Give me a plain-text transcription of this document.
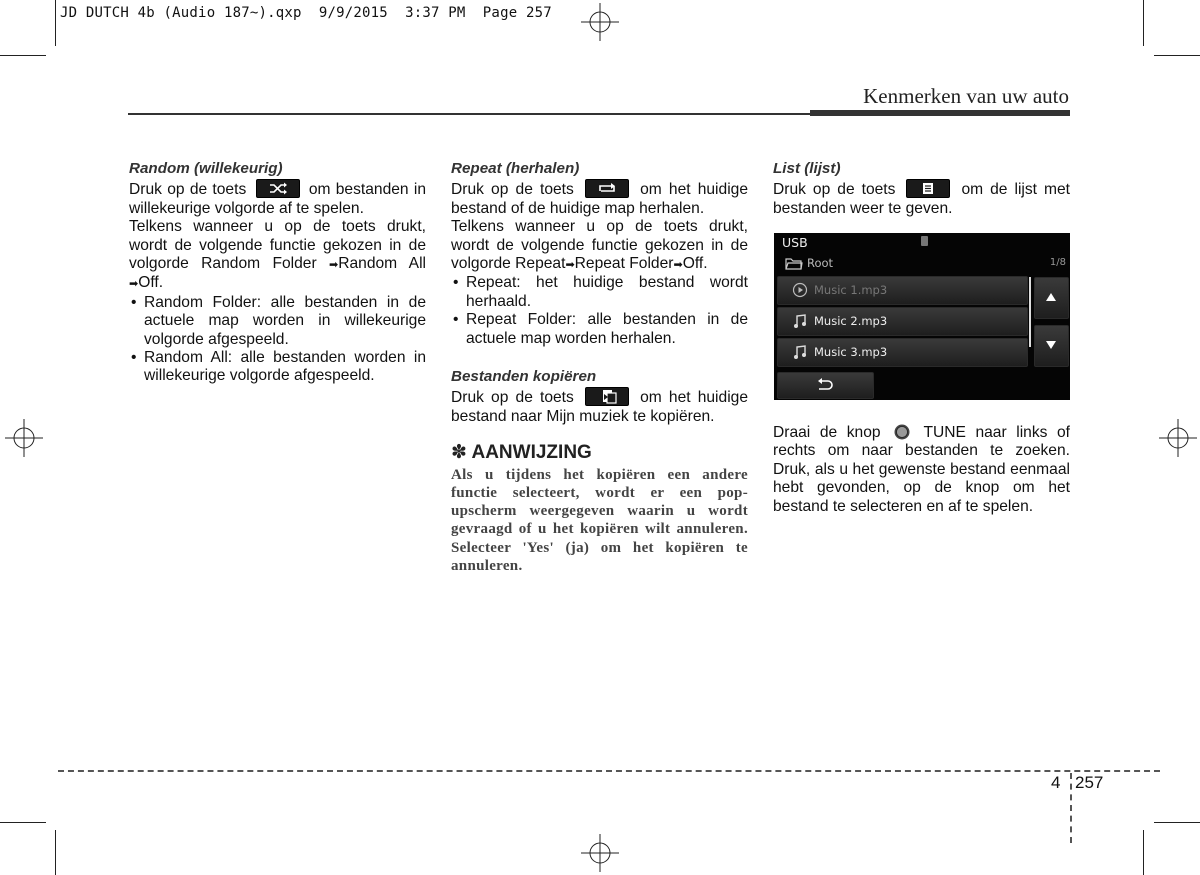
JD DUTCH 4b (Audio 187~).qxp  9/9/2015  3:37 PM  Page 257
Kenmerken van uw auto
Random (willekeurig)

Druk op de toets	om bestanden in willekeurige volgorde af te spelen.

Telkens wanneer u op de toets drukt, wordt de volgende functie gekozen in de volgorde Random Folder ➡Random All ➡Off.

• Random Folder: alle bestanden in de actuele map worden in willekeurige volgorde afgespeeld.
• Random All: alle bestanden worden in willekeurige volgorde afgespeeld.
Repeat (herhalen)

Druk op de toets	om het huidige bestand of de huidige map herhalen.

Telkens wanneer u op de toets drukt, wordt de volgende functie gekozen in de volgorde Repeat➡Repeat Folder➡Off.

• Repeat: het huidige bestand wordt herhaald.
• Repeat Folder: alle bestanden in de actuele map worden herhalen.
Bestanden kopiëren

Druk op de toets	om het huidige bestand naar Mijn muziek te kopiëren.

✽ AANWIJZING
Als u tijdens het kopiëren een andere functie selecteert, wordt er een pop-upscherm weergegeven waarin u wordt gevraagd of u het kopiëren wilt annuleren. Selecteer 'Yes' (ja) om het kopiëren te annuleren.
List (lijst)

Druk op de toets	om de lijst met bestanden weer te geven.

USB
Root	1/8
Music 1.mp3
Music 2.mp3
Music 3.mp3

Draai de knop	TUNE naar links of rechts om naar bestanden te zoeken. Druk, als u het gewenste bestand eenmaal hebt gevonden, op de knop om het bestand te selecteren en af te spelen.

4 257
